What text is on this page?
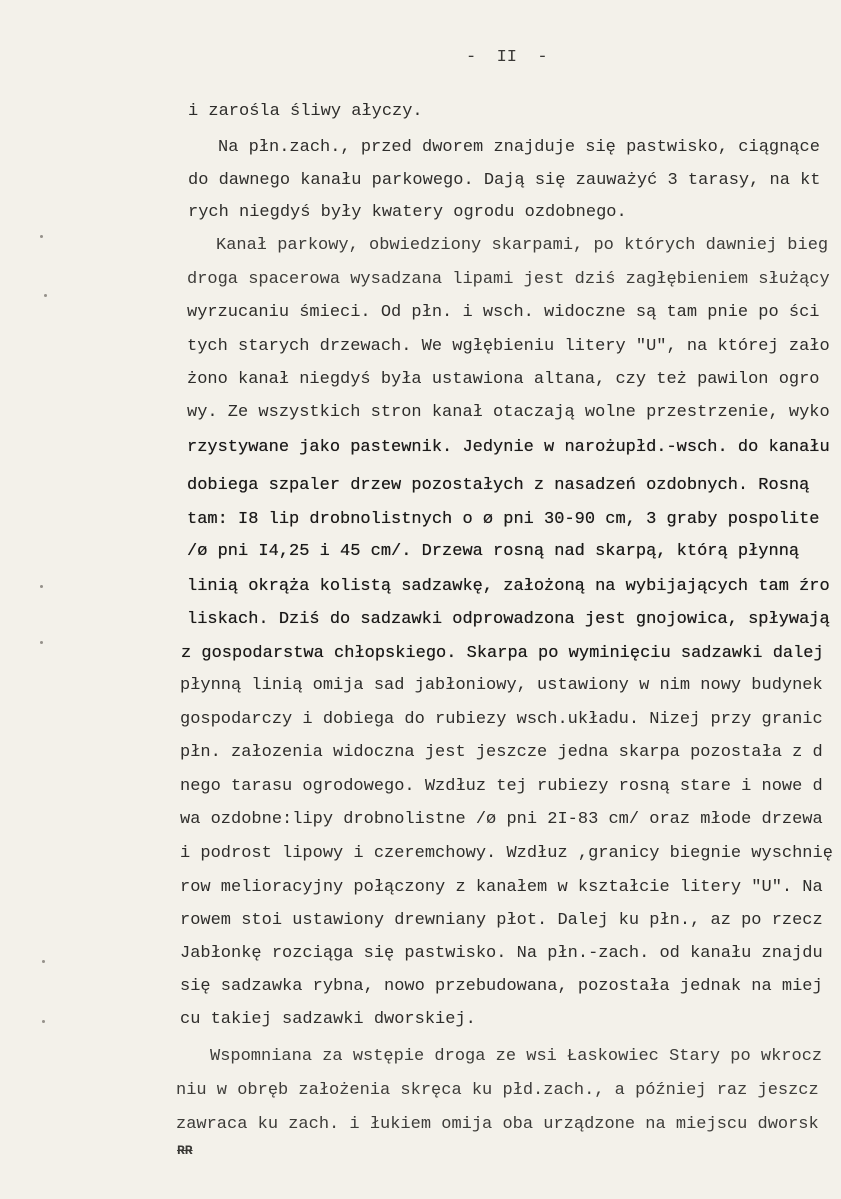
-  II  -
i zarośla śliwy ałyczy.
Na płn.zach., przed dworem znajduje się pastwisko, ciągnące
do dawnego kanału parkowego. Dają się zauważyć 3 tarasy, na kt
rych niegdyś były kwatery ogrodu ozdobnego.
Kanał parkowy, obwiedziony skarpami, po których dawniej bieg
droga spacerowa wysadzana lipami jest dziś zagłębieniem służący
wyrzucaniu śmieci. Od płn. i wsch. widoczne są tam pnie po ści
tych starych drzewach. We wgłębieniu litery "U", na której zało
żono kanał niegdyś była ustawiona altana, czy też pawilon ogro
wy. Ze wszystkich stron kanał otaczają wolne przestrzenie, wyko
rzystywane jako pastewnik. Jedynie w narożupłd.-wsch. do kanału
dobiega szpaler drzew pozostałych z nasadzeń ozdobnych. Rosną
tam: I8 lip drobnolistnych o ø pni 30-90 cm, 3 graby pospolite
/ø pni I4,25 i 45 cm/. Drzewa rosną nad skarpą, którą płynną
linią okrąża kolistą sadzawkę, założoną na wybijających tam źro
liskach. Dziś do sadzawki odprowadzona jest gnojowica, spływają
z gospodarstwa chłopskiego. Skarpa po wyminięciu sadzawki dalej
płynną linią omija sad jabłoniowy, ustawiony w nim nowy budynek
gospodarczy i dobiega do rubiezy wsch.układu. Nizej przy granic
płn. załozenia widoczna jest jeszcze jedna skarpa pozostała z d
nego tarasu ogrodowego. Wzdłuz tej rubiezy rosną stare i nowe d
wa ozdobne:lipy drobnolistne /ø pni 2I-83 cm/ oraz młode drzewa
i podrost lipowy i czeremchowy. Wzdłuz ,granicy biegnie wyschnię
row melioracyjny połączony z kanałem w kształcie litery "U". Na
rowem stoi ustawiony drewniany płot. Dalej ku płn., az po rzecz
Jabłonkę rozciąga się pastwisko. Na płn.-zach. od kanału znajdu
się sadzawka rybna, nowo przebudowana, pozostała jednak na miej
cu takiej sadzawki dworskiej.
Wspomniana za wstępie droga ze wsi Łaskowiec Stary po wkrocz
niu w obręb założenia skręca ku płd.zach., a później raz jeszcz
zawraca ku zach. i łukiem omija oba urządzone na miejscu dworsk
RR
